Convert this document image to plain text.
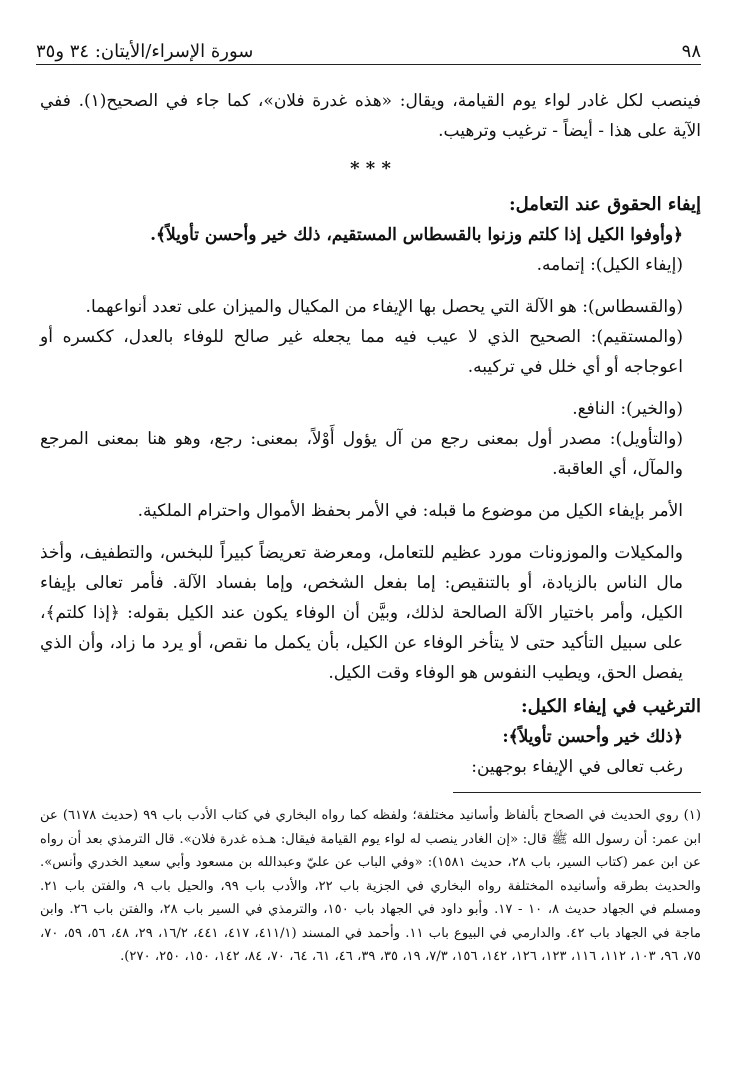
٩٨
سورة الإسراء/الأيتان: ٣٤ و٣٥

فينصب لكل غادر لواء يوم القيامة، ويقال: «هذه غدرة فلان»، كما جاء في الصحيح(١). ففي الآية على هذا - أيضاً - ترغيب وترهيب.

* * *

إيفاء الحقوق عند التعامل:

﴿وأوفوا الكيل إذا كلتم وزنوا بالقسطاس المستقيم، ذلك خير وأحسن تأويلاً﴾.

(إيفاء الكيل): إتمامه.

(والقسطاس): هو الآلة التي يحصل بها الإيفاء من المكيال والميزان على تعدد أنواعهما.

(والمستقيم): الصحيح الذي لا عيب فيه مما يجعله غير صالح للوفاء بالعدل، ككسره أو اعوجاجه أو أي خلل في تركيبه.

(والخير): النافع.

(والتأويل): مصدر أول بمعنى رجع من آل يؤول أَوْلاً، بمعنى: رجع، وهو هنا بمعنى المرجع والمآل، أي العاقبة.

الأمر بإيفاء الكيل من موضوع ما قبله: في الأمر بحفظ الأموال واحترام الملكية.

والمكيلات والموزونات مورد عظيم للتعامل، ومعرضة تعريضاً كبيراً للبخس، والتطفيف، وأخذ مال الناس بالزيادة، أو بالتنقيص: إما بفعل الشخص، وإما بفساد الآلة. فأمر تعالى بإيفاء الكيل، وأمر باختيار الآلة الصالحة لذلك، وبيَّن أن الوفاء يكون عند الكيل بقوله: ﴿إذا كلتم﴾، على سبيل التأكيد حتى لا يتأخر الوفاء عن الكيل، بأن يكمل ما نقص، أو يرد ما زاد، وأن الذي يفصل الحق، ويطيب النفوس هو الوفاء وقت الكيل.

الترغيب في إيفاء الكيل:

﴿ذلك خير وأحسن تأويلاً﴾:

رغب تعالى في الإيفاء بوجهين:

(١) روي الحديث في الصحاح بألفاظ وأسانيد مختلفة؛ ولفظه كما رواه البخاري في كتاب الأدب باب ٩٩ (حديث ٦١٧٨) عن ابن عمر: أن رسول الله ﷺ قال: «إن الغادر ينصب له لواء يوم القيامة فيقال: هـذه غدرة فلان». قال الترمذي بعد أن رواه عن ابن عمر (كتاب السير، باب ٢٨، حديث ١٥٨١): «وفي الباب عن عليّ وعبدالله بن مسعود وأبي سعيد الخدري وأنس». والحديث بطرقه وأسانيده المختلفة رواه البخاري في الجزية باب ٢٢، والأدب باب ٩٩، والحيل باب ٩، والفتن باب ٢١. ومسلم في الجهاد حديث ٨، ١٠ - ١٧. وأبو داود في الجهاد باب ١٥٠، والترمذي في السير باب ٢٨، والفتن باب ٢٦. وابن ماجة في الجهاد باب ٤٢. والدارمي في البيوع باب ١١. وأحمد في المسند (٤١١/١، ٤١٧، ٤٤١، ١٦/٢، ٢٩، ٤٨، ٥٦، ٥٩، ٧٠، ٧٥، ٩٦، ١٠٣، ١١٢، ١١٦، ١٢٣، ١٢٦، ١٤٢، ١٥٦، ٧/٣، ١٩، ٣٥، ٣٩، ٤٦، ٦١، ٦٤، ٧٠، ٨٤، ١٤٢، ١٥٠، ٢٥٠، ٢٧٠).
